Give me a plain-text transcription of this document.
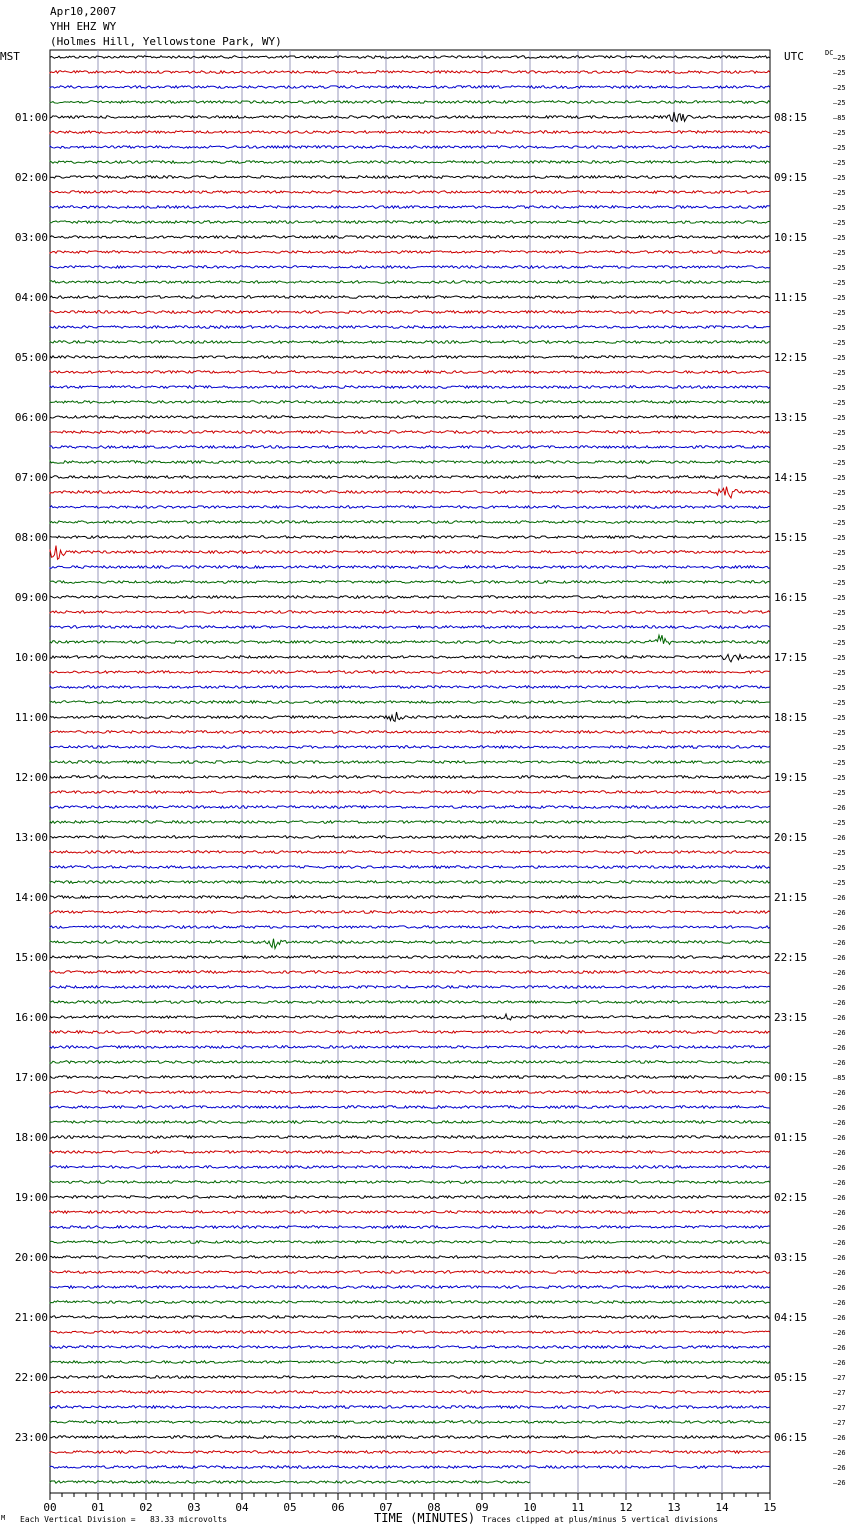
Apr10,2007
YHH EHZ WY
(Holmes Hill, Yellowstone Park, WY)
MST	UTC	DC
00	01	02	03	04	05	06	07	08	09	10	11	12	13	14	15
–25
–25
–25
–25
–85
–25
–25
–25
–25
–25
–25
–25
–25
–25
–25
–25
–25
–25
–25
–25
–25
–25
–25
–25
–25
–25
–25
–25
–25
–25
–25
–25
–25
–25
–25
–25
–25
–25
–25
–25
–25
–25
–25
–25
–25
–25
–25
–25
–25
–25
–26
–25
–26
–25
–25
–25
–26
–26
–26
–26
–26
–26
–26
–26
–26
–26
–26
–26
–85
–26
–26
–26
–26
–26
–26
–26
–26
–26
–26
–26
–26
–26
–26
–26
–26
–26
–26
–26
–27
–27
–27
–27
–26
–26
–26
–26
01:00	08:15
02:00	09:15
03:00	10:15
04:00	11:15
05:00	12:15
06:00	13:15
07:00	14:15
08:00	15:15
09:00	16:15
10:00	17:15
11:00	18:15
12:00	19:15
13:00	20:15
14:00	21:15
15:00	22:15
16:00	23:15
17:00	00:15
18:00	01:15
19:00	02:15
20:00	03:15
21:00	04:15
22:00	05:15
23:00	06:15
M Each Vertical Division =   83.33 microvolts	TIME (MINUTES) Traces clipped at plus/minus 5 vertical divisions
